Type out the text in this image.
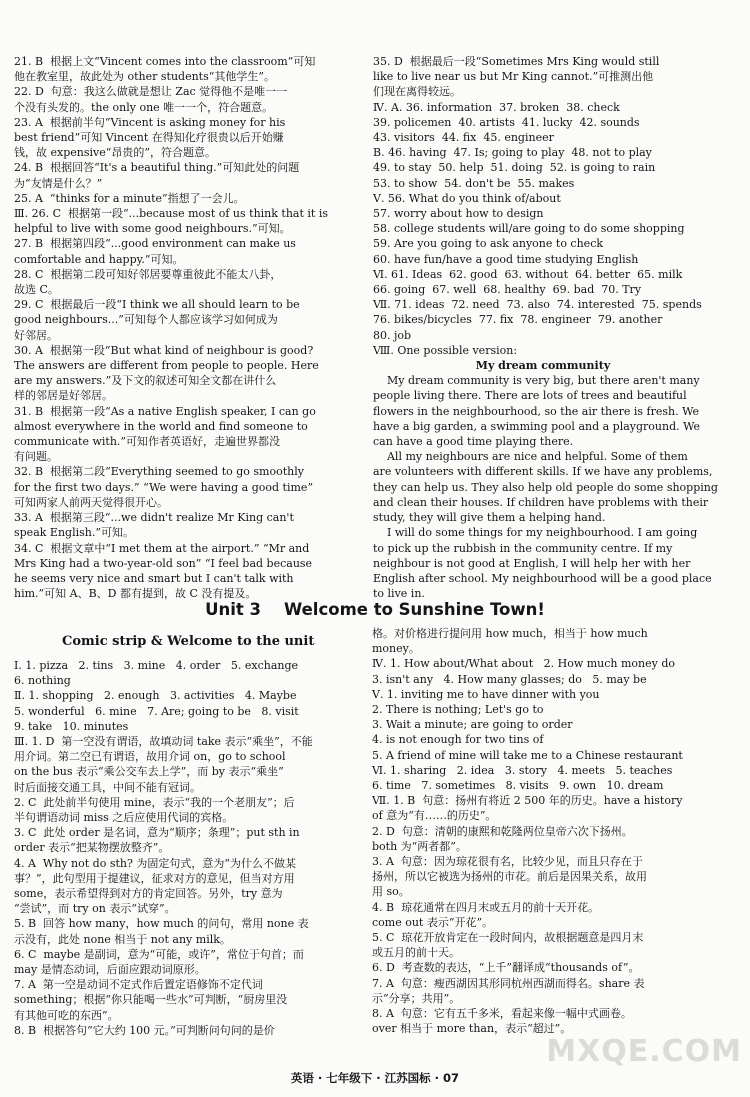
21. B  根据上文“Vincent comes into the classroom”可知
他在教室里，故此处为 other students“其他学生”。
22. D  句意：我这么做就是想让 Zac 觉得他不是唯一一
个没有头发的。the only one 唯一一个，符合题意。
23. A  根据前半句“Vincent is asking money for his
best friend”可知 Vincent 在得知化疗很贵以后开始赚
钱，故 expensive“昂贵的”，符合题意。
24. B  根据回答“It's a beautiful thing.”可知此处的问题
为“友情是什么？”
25. A  “thinks for a minute”指想了一会儿。
Ⅲ. 26. C  根据第一段“...because most of us think that it is
helpful to live with some good neighbours.”可知。
27. B  根据第四段“...good environment can make us
comfortable and happy.”可知。
28. C  根据第二段可知好邻居要尊重彼此不能太八卦，
故选 C。
29. C  根据最后一段“I think we all should learn to be
good neighbours...”可知每个人都应该学习如何成为
好邻居。
30. A  根据第一段“But what kind of neighbour is good?
The answers are different from people to people. Here
are my answers.”及下文的叙述可知全文都在讲什么
样的邻居是好邻居。
31. B  根据第一段“As a native English speaker, I can go
almost everywhere in the world and find someone to
communicate with.”可知作者英语好，走遍世界都没
有问题。
32. B  根据第二段“Everything seemed to go smoothly
for the first two days.” “We were having a good time”
可知两家人前两天觉得很开心。
33. A  根据第三段“...we didn't realize Mr King can't
speak English.”可知。
34. C  根据文章中“I met them at the airport.” “Mr and
Mrs King had a two-year-old son” “I feel bad because
he seems very nice and smart but I can't talk with
him.”可知 A、B、D 都有提到，故 C 没有提及。
35. D  根据最后一段“Sometimes Mrs King would still
like to live near us but Mr King cannot.”可推测出他
们现在离得较远。
Ⅳ. A. 36. information  37. broken  38. check
39. policemen  40. artists  41. lucky  42. sounds
43. visitors  44. fix  45. engineer
B. 46. having  47. Is; going to play  48. not to play
49. to stay  50. help  51. doing  52. is going to rain
53. to show  54. don't be  55. makes
Ⅴ. 56. What do you think of/about
57. worry about how to design
58. college students will/are going to do some shopping
59. Are you going to ask anyone to check
60. have fun/have a good time studying English
Ⅵ. 61. Ideas  62. good  63. without  64. better  65. milk
66. going  67. well  68. healthy  69. bad  70. Try
Ⅶ. 71. ideas  72. need  73. also  74. interested  75. spends
76. bikes/bicycles  77. fix  78. engineer  79. another
80. job
Ⅷ. One possible version:
My dream community
My dream community is very big, but there aren't many
people living there. There are lots of trees and beautiful
flowers in the neighbourhood, so the air there is fresh. We
have a big garden, a swimming pool and a playground. We
can have a good time playing there.
All my neighbours are nice and helpful. Some of them
are volunteers with different skills. If we have any problems,
they can help us. They also help old people do some shopping
and clean their houses. If children have problems with their
study, they will give them a helping hand.
I will do some things for my neighbourhood. I am going
to pick up the rubbish in the community centre. If my
neighbour is not good at English, I will help her with her
English after school. My neighbourhood will be a good place
to live in.
Unit 3    Welcome to Sunshine Town!
Comic strip & Welcome to the unit
Ⅰ. 1. pizza   2. tins   3. mine   4. order   5. exchange
6. nothing
Ⅱ. 1. shopping   2. enough   3. activities   4. Maybe
5. wonderful   6. mine   7. Are; going to be   8. visit
9. take   10. minutes
Ⅲ. 1. D  第一空没有谓语，故填动词 take 表示“乘坐”，不能
用介词。第二空已有谓语，故用介词 on，go to school
on the bus 表示“乘公交车去上学”，而 by 表示“乘坐”
时后面接交通工具，中间不能有冠词。
2. C  此处前半句使用 mine，表示“我的一个老朋友”；后
半句谓语动词 miss 之后应使用代词的宾格。
3. C  此处 order 是名词，意为“顺序；条理”；put sth in
order 表示“把某物摆放整齐”。
4. A  Why not do sth? 为固定句式，意为“为什么不做某
事？”，此句型用于提建议，征求对方的意见，但当对方用
some，表示希望得到对方的肯定回答。另外，try 意为
“尝试”，而 try on 表示“试穿”。
5. B  回答 how many，how much 的问句，常用 none 表
示没有，此处 none 相当于 not any milk。
6. C  maybe 是副词，意为“可能，或许”，常位于句首；而
may 是情态动词，后面应跟动词原形。
7. A  第一空是动词不定式作后置定语修饰不定代词
something；根据“你只能喝一些水”可判断，“厨房里没
有其他可吃的东西”。
8. B  根据答句“它大约 100 元。”可判断问句问的是价
格。对价格进行提问用 how much，相当于 how much
money。
Ⅳ. 1. How about/What about   2. How much money do
3. isn't any   4. How many glasses; do   5. may be
Ⅴ. 1. inviting me to have dinner with you
2. There is nothing; Let's go to
3. Wait a minute; are going to order
4. is not enough for two tins of
5. A friend of mine will take me to a Chinese restaurant
Ⅵ. 1. sharing   2. idea   3. story   4. meets   5. teaches
6. time   7. sometimes   8. visits   9. own   10. dream
Ⅶ. 1. B  句意：扬州有将近 2 500 年的历史。have a history
of 意为“有……的历史”。
2. D  句意：清朝的康熙和乾隆两位皇帝六次下扬州。
both 为“两者都”。
3. A  句意：因为琼花很有名，比较少见，而且只存在于
扬州，所以它被选为扬州的市花。前后是因果关系，故用
用 so。
4. B  琼花通常在四月末或五月的前十天开花。
come out 表示“开花”。
5. C  琼花开放肯定在一段时间内，故根据题意是四月末
或五月的前十天。
6. D  考查数的表达，“上千”翻译成“thousands of”。
7. A  句意：瘦西湖因其形同杭州西湖而得名。share 表
示“分享；共用”。
8. A  句意：它有五千多米，看起来像一幅中式画卷。
over 相当于 more than，表示“超过”。
英语 · 七年级下 · 江苏国标 · 07
MXQE.COM
